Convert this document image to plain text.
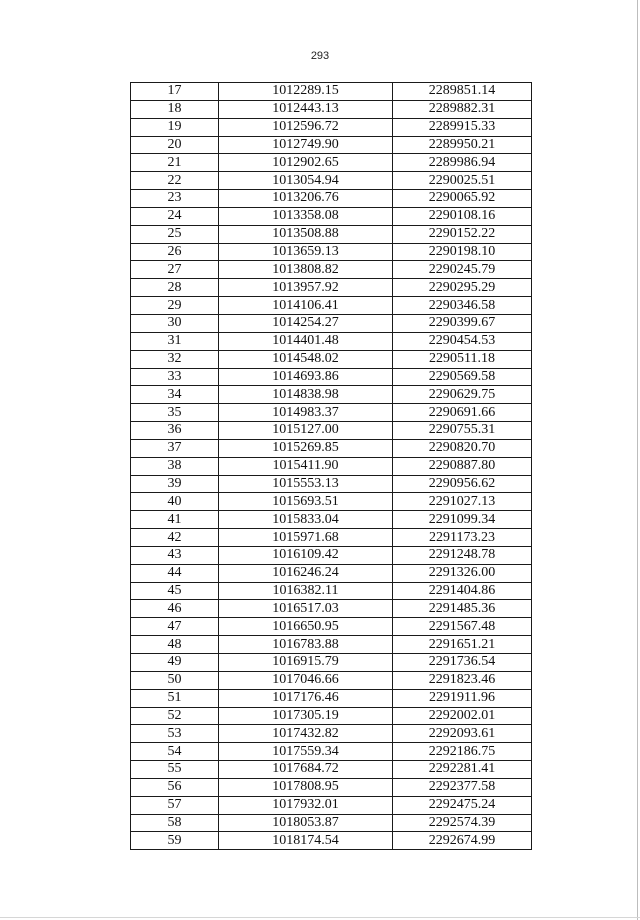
293
17	1012289.15	2289851.14
18	1012443.13	2289882.31
19	1012596.72	2289915.33
20	1012749.90	2289950.21
21	1012902.65	2289986.94
22	1013054.94	2290025.51
23	1013206.76	2290065.92
24	1013358.08	2290108.16
25	1013508.88	2290152.22
26	1013659.13	2290198.10
27	1013808.82	2290245.79
28	1013957.92	2290295.29
29	1014106.41	2290346.58
30	1014254.27	2290399.67
31	1014401.48	2290454.53
32	1014548.02	2290511.18
33	1014693.86	2290569.58
34	1014838.98	2290629.75
35	1014983.37	2290691.66
36	1015127.00	2290755.31
37	1015269.85	2290820.70
38	1015411.90	2290887.80
39	1015553.13	2290956.62
40	1015693.51	2291027.13
41	1015833.04	2291099.34
42	1015971.68	2291173.23
43	1016109.42	2291248.78
44	1016246.24	2291326.00
45	1016382.11	2291404.86
46	1016517.03	2291485.36
47	1016650.95	2291567.48
48	1016783.88	2291651.21
49	1016915.79	2291736.54
50	1017046.66	2291823.46
51	1017176.46	2291911.96
52	1017305.19	2292002.01
53	1017432.82	2292093.61
54	1017559.34	2292186.75
55	1017684.72	2292281.41
56	1017808.95	2292377.58
57	1017932.01	2292475.24
58	1018053.87	2292574.39
59	1018174.54	2292674.99
